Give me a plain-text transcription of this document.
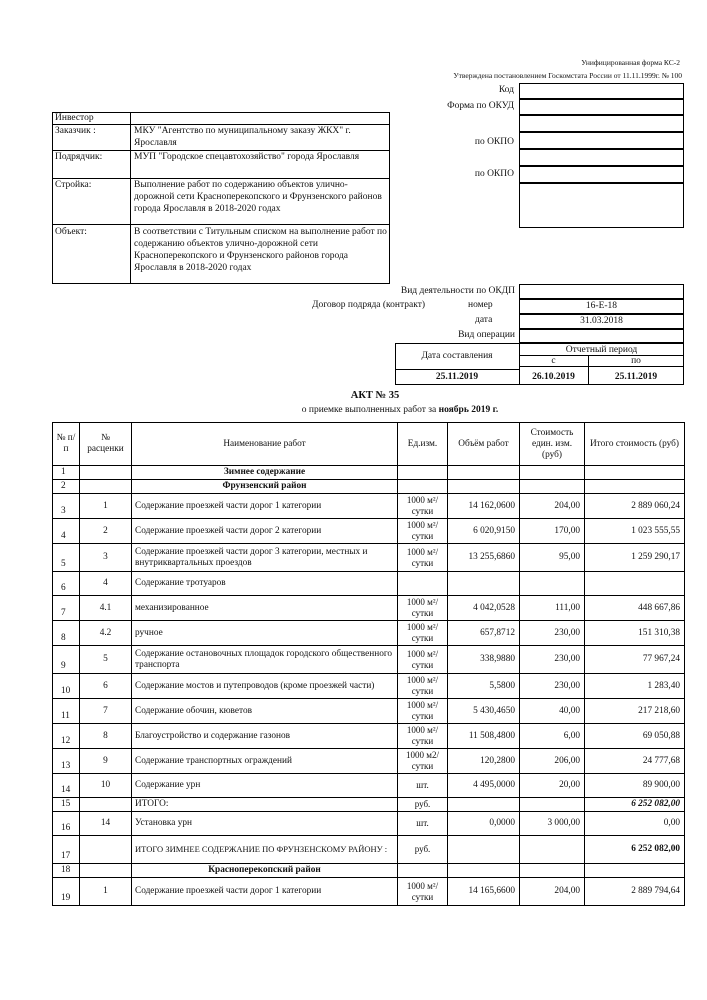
Унифицированная форма КС-2
Утверждена постановлением Госкомстата России от 11.11.1999г. № 100
Код
Форма по ОКУД
по ОКПО
по ОКПО
Инвестор
Заказчик :	МКУ "Агентство по муниципальному заказу ЖКХ" г. Ярославля
Подрядчик:	МУП "Городское спецавтохозяйство" города Ярославля
Стройка:	Выполнение работ по содержанию объектов улично-дорожной сети Красноперекопского и Фрунзенского районов города Ярославля в 2018-2020 годах
Объект:	В соответствии с Титульным списком на выполнение работ по содержанию объектов улично-дорожной сети Красноперекопского и Фрунзенского районов города Ярославля в 2018-2020 годах
Вид деятельности по ОКДП
Договор подряда (контракт)	номер	16-Е-18
дата	31.03.2018
Вид операции
Дата составления
Отчетный период
с	по
25.11.2019	26.10.2019	25.11.2019
АКТ № 35
о приемке выполненных работ за ноябрь 2019 г.
№ п/п	№ расценки	Наименование работ	Ед.изм.	Объём работ	Стоимость един. изм. (руб)	Итого стоимость (руб)
1		Зимнее содержание				
2		Фрунзенский район				
3	1	Содержание проезжей части дорог 1 категории	1000 м²/ сутки	14 162,0600	204,00	2 889 060,24
4	2	Содержание проезжей части дорог 2 категории	1000 м²/ сутки	6 020,9150	170,00	1 023 555,55
5	3	Содержание проезжей части дорог 3 категории, местных и внутриквартальных проездов	1000 м²/ сутки	13 255,6860	95,00	1 259 290,17
6	4	Содержание тротуаров				
7	4.1	механизированное	1000 м²/ сутки	4 042,0528	111,00	448 667,86
8	4.2	ручное	1000 м²/ сутки	657,8712	230,00	151 310,38
9	5	Содержание остановочных площадок городского общественного транспорта	1000 м²/ сутки	338,9880	230,00	77 967,24
10	6	Содержание мостов и путепроводов (кроме проезжей части)	1000 м²/ сутки	5,5800	230,00	1 283,40
11	7	Содержание обочин, кюветов	1000 м²/ сутки	5 430,4650	40,00	217 218,60
12	8	Благоустройство и содержание газонов	1000 м²/ сутки	11 508,4800	6,00	69 050,88
13	9	Содержание транспортных ограждений	1000 м2/ сутки	120,2800	206,00	24 777,68
14	10	Содержание урн	шт.	4 495,0000	20,00	89 900,00
15		ИТОГО:	руб.			6 252 082,00
16	14	Установка урн	шт.	0,0000	3 000,00	0,00
17		ИТОГО ЗИМНЕЕ СОДЕРЖАНИЕ ПО ФРУНЗЕНСКОМУ РАЙОНУ :	руб.			6 252 082,00
18		Красноперекопский район				
19	1	Содержание проезжей части дорог 1 категории	1000 м²/ сутки	14 165,6600	204,00	2 889 794,64
